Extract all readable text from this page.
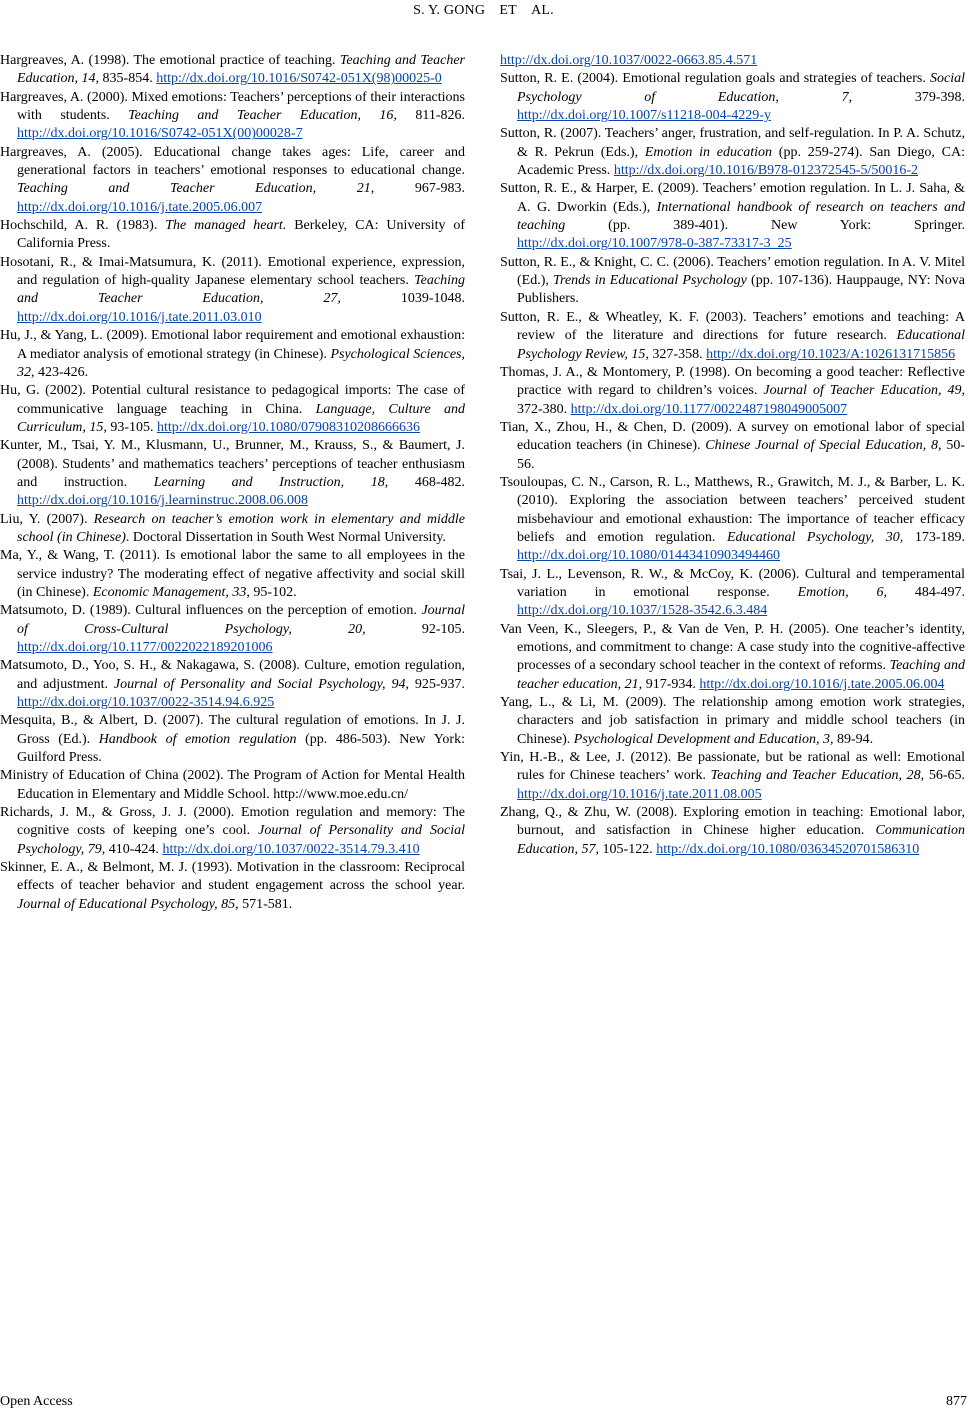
S. Y. GONG ET AL.

Hargreaves, A. (1998). The emotional practice of teaching. Teaching and Teacher Education, 14, 835-854. http://dx.doi.org/10.1016/S0742-051X(98)00025-0

Hargreaves, A. (2000). Mixed emotions: Teachers’ perceptions of their interactions with students. Teaching and Teacher Education, 16, 811-826. http://dx.doi.org/10.1016/S0742-051X(00)00028-7

Hargreaves, A. (2005). Educational change takes ages: Life, career and generational factors in teachers’ emotional responses to educational change. Teaching and Teacher Education, 21, 967-983. http://dx.doi.org/10.1016/j.tate.2005.06.007

Hochschild, A. R. (1983). The managed heart. Berkeley, CA: University of California Press.

Hosotani, R., & Imai-Matsumura, K. (2011). Emotional experience, expression, and regulation of high-quality Japanese elementary school teachers. Teaching and Teacher Education, 27, 1039-1048. http://dx.doi.org/10.1016/j.tate.2011.03.010

Hu, J., & Yang, L. (2009). Emotional labor requirement and emotional exhaustion: A mediator analysis of emotional strategy (in Chinese). Psychological Sciences, 32, 423-426.

Hu, G. (2002). Potential cultural resistance to pedagogical imports: The case of communicative language teaching in China. Language, Culture and Curriculum, 15, 93-105. http://dx.doi.org/10.1080/07908310208666636

Kunter, M., Tsai, Y. M., Klusmann, U., Brunner, M., Krauss, S., & Baumert, J. (2008). Students’ and mathematics teachers’ perceptions of teacher enthusiasm and instruction. Learning and Instruction, 18, 468-482. http://dx.doi.org/10.1016/j.learninstruc.2008.06.008

Liu, Y. (2007). Research on teacher’s emotion work in elementary and middle school (in Chinese). Doctoral Dissertation in South West Normal University.

Ma, Y., & Wang, T. (2011). Is emotional labor the same to all employees in the service industry? The moderating effect of negative affectivity and social skill (in Chinese). Economic Management, 33, 95-102.

Matsumoto, D. (1989). Cultural influences on the perception of emotion. Journal of Cross-Cultural Psychology, 20, 92-105. http://dx.doi.org/10.1177/0022022189201006

Matsumoto, D., Yoo, S. H., & Nakagawa, S. (2008). Culture, emotion regulation, and adjustment. Journal of Personality and Social Psychology, 94, 925-937. http://dx.doi.org/10.1037/0022-3514.94.6.925

Mesquita, B., & Albert, D. (2007). The cultural regulation of emotions. In J. J. Gross (Ed.). Handbook of emotion regulation (pp. 486-503). New York: Guilford Press.

Ministry of Education of China (2002). The Program of Action for Mental Health Education in Elementary and Middle School. http://www.moe.edu.cn/

Richards, J. M., & Gross, J. J. (2000). Emotion regulation and memory: The cognitive costs of keeping one’s cool. Journal of Personality and Social Psychology, 79, 410-424. http://dx.doi.org/10.1037/0022-3514.79.3.410

Skinner, E. A., & Belmont, M. J. (1993). Motivation in the classroom: Reciprocal effects of teacher behavior and student engagement across the school year. Journal of Educational Psychology, 85, 571-581.

http://dx.doi.org/10.1037/0022-0663.85.4.571

Sutton, R. E. (2004). Emotional regulation goals and strategies of teachers. Social Psychology of Education, 7, 379-398. http://dx.doi.org/10.1007/s11218-004-4229-y

Sutton, R. (2007). Teachers’ anger, frustration, and self-regulation. In P. A. Schutz, & R. Pekrun (Eds.), Emotion in education (pp. 259-274). San Diego, CA: Academic Press. http://dx.doi.org/10.1016/B978-012372545-5/50016-2

Sutton, R. E., & Harper, E. (2009). Teachers’ emotion regulation. In L. J. Saha, & A. G. Dworkin (Eds.), International handbook of research on teachers and teaching (pp. 389-401). New York: Springer. http://dx.doi.org/10.1007/978-0-387-73317-3_25

Sutton, R. E., & Knight, C. C. (2006). Teachers’ emotion regulation. In A. V. Mitel (Ed.), Trends in Educational Psychology (pp. 107-136). Hauppauge, NY: Nova Publishers.

Sutton, R. E., & Wheatley, K. F. (2003). Teachers’ emotions and teaching: A review of the literature and directions for future research. Educational Psychology Review, 15, 327-358. http://dx.doi.org/10.1023/A:1026131715856

Thomas, J. A., & Montomery, P. (1998). On becoming a good teacher: Reflective practice with regard to children’s voices. Journal of Teacher Education, 49, 372-380. http://dx.doi.org/10.1177/0022487198049005007

Tian, X., Zhou, H., & Chen, D. (2009). A survey on emotional labor of special education teachers (in Chinese). Chinese Journal of Special Education, 8, 50-56.

Tsouloupas, C. N., Carson, R. L., Matthews, R., Grawitch, M. J., & Barber, L. K. (2010). Exploring the association between teachers’ perceived student misbehaviour and emotional exhaustion: The importance of teacher efficacy beliefs and emotion regulation. Educational Psychology, 30, 173-189. http://dx.doi.org/10.1080/01443410903494460

Tsai, J. L., Levenson, R. W., & McCoy, K. (2006). Cultural and temperamental variation in emotional response. Emotion, 6, 484-497. http://dx.doi.org/10.1037/1528-3542.6.3.484

Van Veen, K., Sleegers, P., & Van de Ven, P. H. (2005). One teacher’s identity, emotions, and commitment to change: A case study into the cognitive-affective processes of a secondary school teacher in the context of reforms. Teaching and teacher education, 21, 917-934. http://dx.doi.org/10.1016/j.tate.2005.06.004

Yang, L., & Li, M. (2009). The relationship among emotion work strategies, characters and job satisfaction in primary and middle school teachers (in Chinese). Psychological Development and Education, 3, 89-94.

Yin, H.-B., & Lee, J. (2012). Be passionate, but be rational as well: Emotional rules for Chinese teachers’ work. Teaching and Teacher Education, 28, 56-65. http://dx.doi.org/10.1016/j.tate.2011.08.005

Zhang, Q., & Zhu, W. (2008). Exploring emotion in teaching: Emotional labor, burnout, and satisfaction in Chinese higher education. Communication Education, 57, 105-122. http://dx.doi.org/10.1080/03634520701586310

Open Access	877
